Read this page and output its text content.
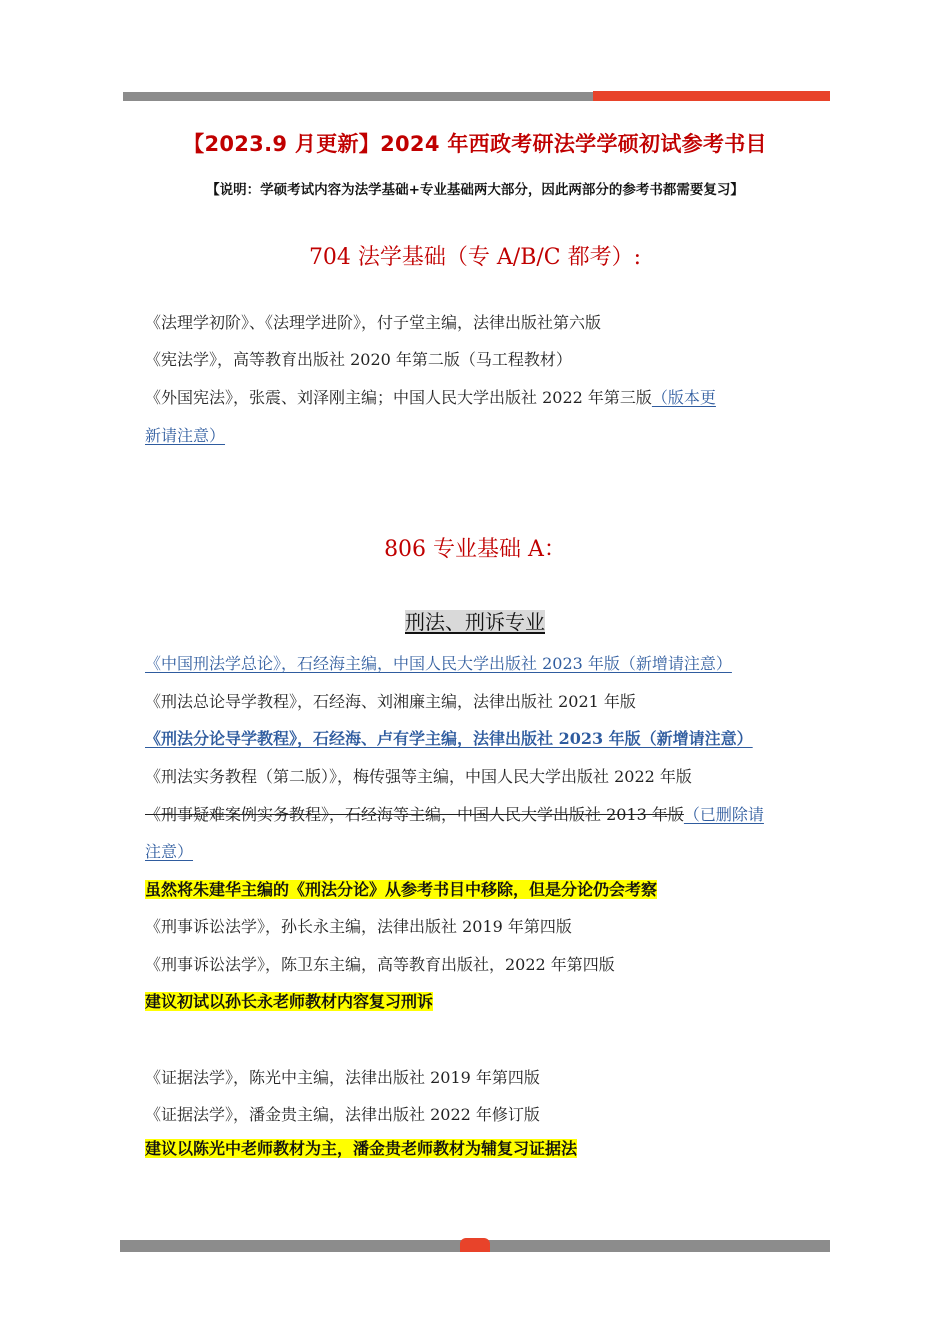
【2023.9 月更新】2024 年西政考研法学学硕初试参考书目
【说明：学硕考试内容为法学基础+专业基础两大部分，因此两部分的参考书都需要复习】
704 法学基础（专 A/B/C 都考）:
《法理学初阶》、《法理学进阶》，付子堂主编，法律出版社第六版
《宪法学》，高等教育出版社 2020 年第二版（马工程教材）
《外国宪法》，张震、刘泽刚主编；中国人民大学出版社 2022 年第三版（版本更
新请注意）
806 专业基础 A：
刑法、刑诉专业
《中国刑法学总论》，石经海主编，中国人民大学出版社 2023 年版（新增请注意）
《刑法总论导学教程》，石经海、刘湘廉主编，法律出版社 2021 年版
《刑法分论导学教程》，石经海、卢有学主编，法律出版社 2023 年版（新增请注意）
《刑法实务教程（第二版）》，梅传强等主编，中国人民大学出版社 2022 年版
《刑事疑难案例实务教程》，石经海等主编，中国人民大学出版社 2013 年版（已删除请
注意）
虽然将朱建华主编的《刑法分论》从参考书目中移除，但是分论仍会考察
《刑事诉讼法学》，孙长永主编，法律出版社 2019 年第四版
《刑事诉讼法学》，陈卫东主编，高等教育出版社，2022 年第四版
建议初试以孙长永老师教材内容复习刑诉
《证据法学》，陈光中主编，法律出版社 2019 年第四版
《证据法学》，潘金贵主编，法律出版社 2022 年修订版
建议以陈光中老师教材为主，潘金贵老师教材为辅复习证据法
